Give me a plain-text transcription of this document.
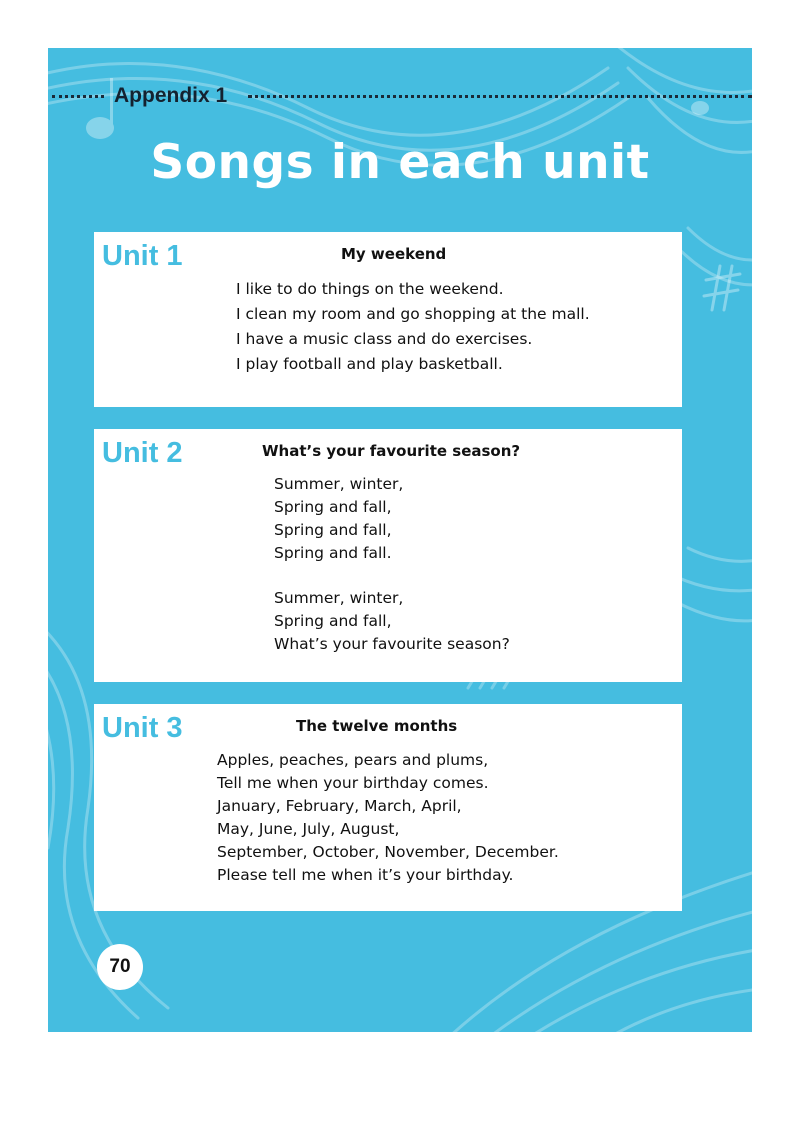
Appendix 1
Songs in each unit
Unit 1	My weekend
I like to do things on the weekend.
I clean my room and go shopping at the mall.
I have a music class and do exercises.
I play football and play basketball.
Unit 2	What’s your favourite season?
Summer, winter,
Spring and fall,
Spring and fall,
Spring and fall.
Summer, winter,
Spring and fall,
What’s your favourite season?
Unit 3	The twelve months
Apples, peaches, pears and plums,
Tell me when your birthday comes.
January, February, March, April,
May, June, July, August,
September, October, November, December.
Please tell me when it’s your birthday.
70
